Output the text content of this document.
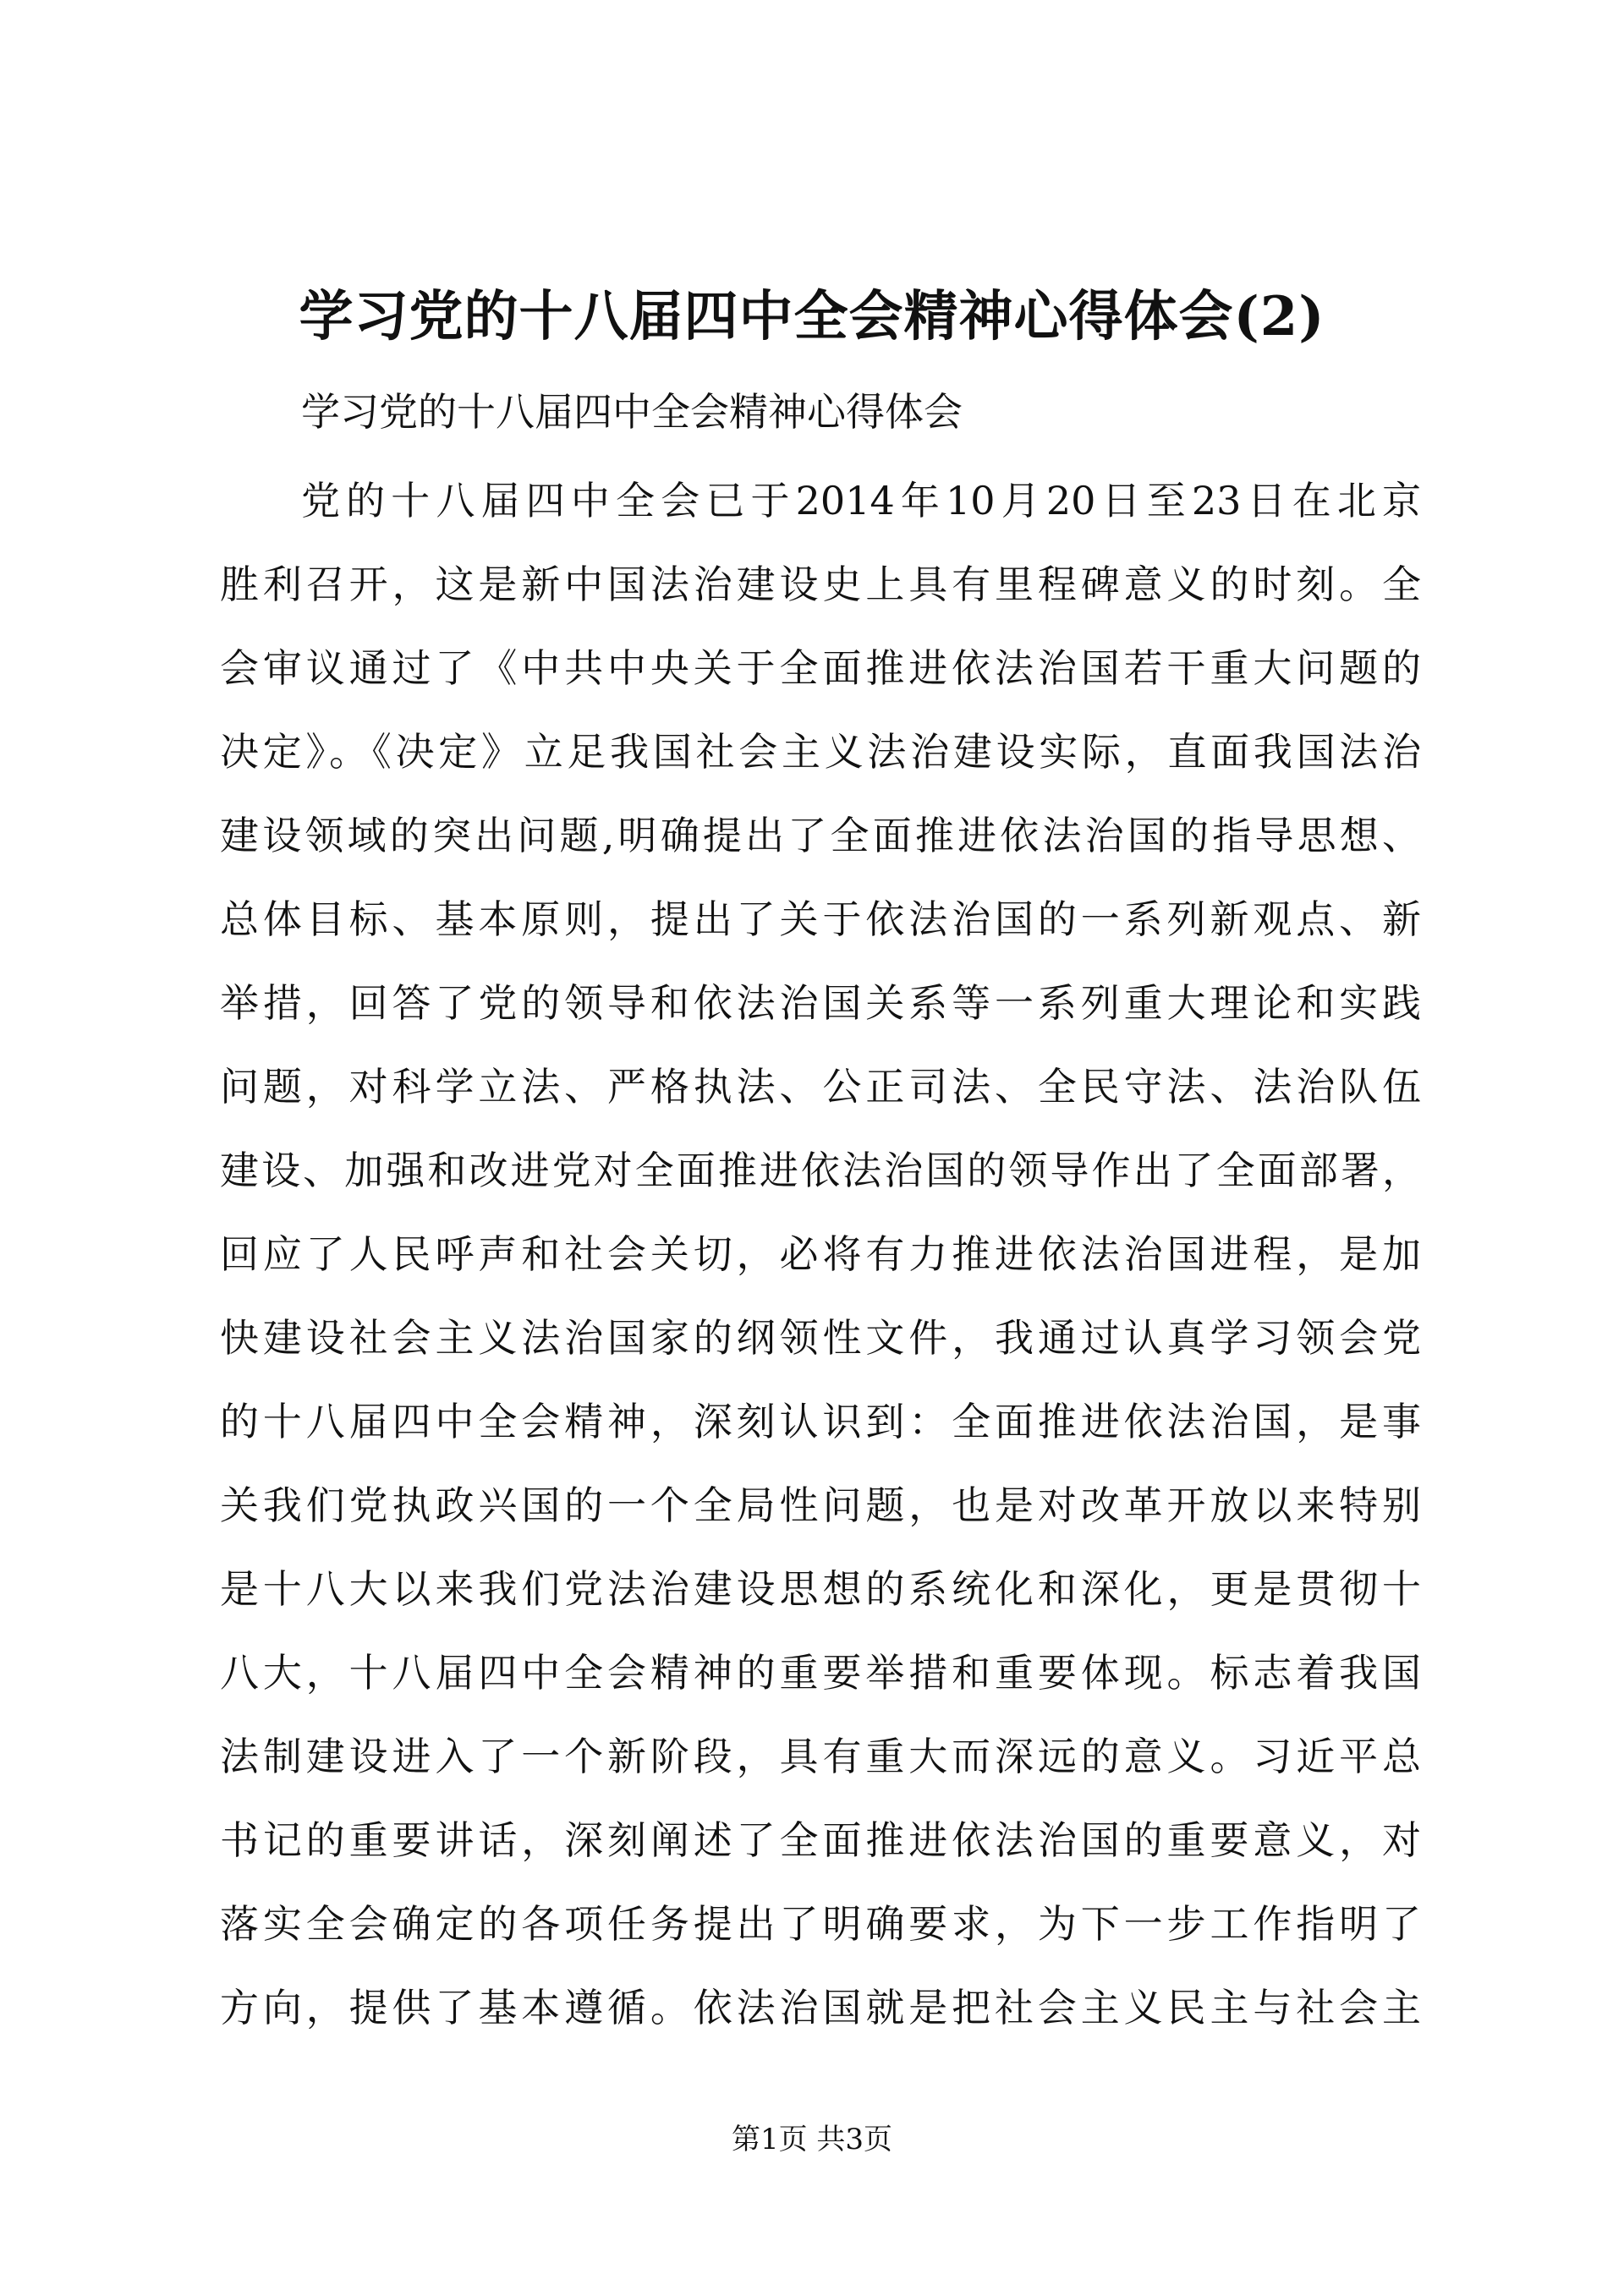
学习党的十八届四中全会精神心得体会(2)
学习党的十八届四中全会精神心得体会
党的十八届四中全会已于2014年10月20日至23日在北京
胜利召开，这是新中国法治建设史上具有里程碑意义的时刻。全
会审议通过了《中共中央关于全面推进依法治国若干重大问题的
决定》。《决定》立足我国社会主义法治建设实际，直面我国法治
建设领域的突出问题,明确提出了全面推进依法治国的指导思想、
总体目标、基本原则，提出了关于依法治国的一系列新观点、新
举措，回答了党的领导和依法治国关系等一系列重大理论和实践
问题，对科学立法、严格执法、公正司法、全民守法、法治队伍
建设、加强和改进党对全面推进依法治国的领导作出了全面部署，
回应了人民呼声和社会关切，必将有力推进依法治国进程，是加
快建设社会主义法治国家的纲领性文件，我通过认真学习领会党
的十八届四中全会精神，深刻认识到：全面推进依法治国，是事
关我们党执政兴国的一个全局性问题，也是对改革开放以来特别
是十八大以来我们党法治建设思想的系统化和深化，更是贯彻十
八大，十八届四中全会精神的重要举措和重要体现。标志着我国
法制建设进入了一个新阶段，具有重大而深远的意义。习近平总
书记的重要讲话，深刻阐述了全面推进依法治国的重要意义，对
落实全会确定的各项任务提出了明确要求，为下一步工作指明了
方向，提供了基本遵循。依法治国就是把社会主义民主与社会主
第1页 共3页
